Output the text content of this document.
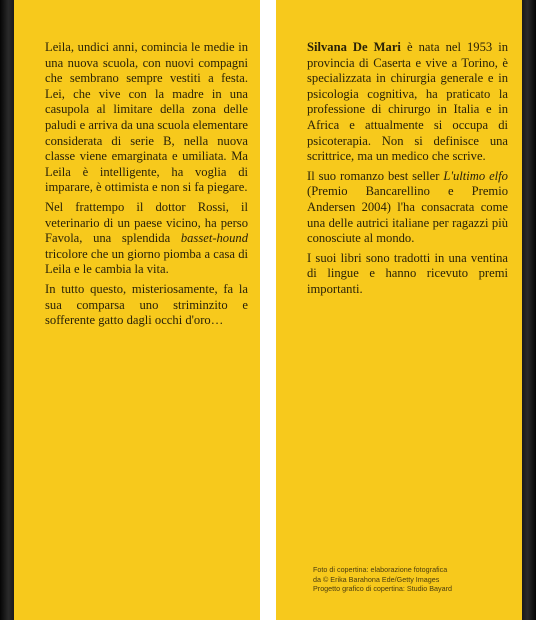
Leila, undici anni, comincia le medie in una nuova scuola, con nuovi compagni che sembrano sempre vestiti a festa. Lei, che vive con la madre in una casupola al limitare della zona delle paludi e arriva da una scuola elementare considerata di serie B, nella nuova classe viene emarginata e umiliata. Ma Leila è intelligente, ha voglia di imparare, è ottimista e non si fa piegare.

Nel frattempo il dottor Rossi, il veterinario di un paese vicino, ha perso Favola, una splendida basset-hound tricolore che un giorno piomba a casa di Leila e le cambia la vita.

In tutto questo, misteriosamente, fa la sua comparsa uno striminzito e sofferente gatto dagli occhi d'oro…

Silvana De Mari è nata nel 1953 in provincia di Caserta e vive a Torino, è specializzata in chirurgia generale e in psicologia cognitiva, ha praticato la professione di chirurgo in Italia e in Africa e attualmente si occupa di psicoterapia. Non si definisce una scrittrice, ma un medico che scrive.

Il suo romanzo best seller L'ultimo elfo (Premio Bancarellino e Premio Andersen 2004) l'ha consacrata come una delle autrici italiane per ragazzi più conosciute al mondo.

I suoi libri sono tradotti in una ventina di lingue e hanno ricevuto premi importanti.

Foto di copertina: elaborazione fotografica
da © Erika Barahona Ede/Getty Images
Progetto grafico di copertina: Studio Bayard
